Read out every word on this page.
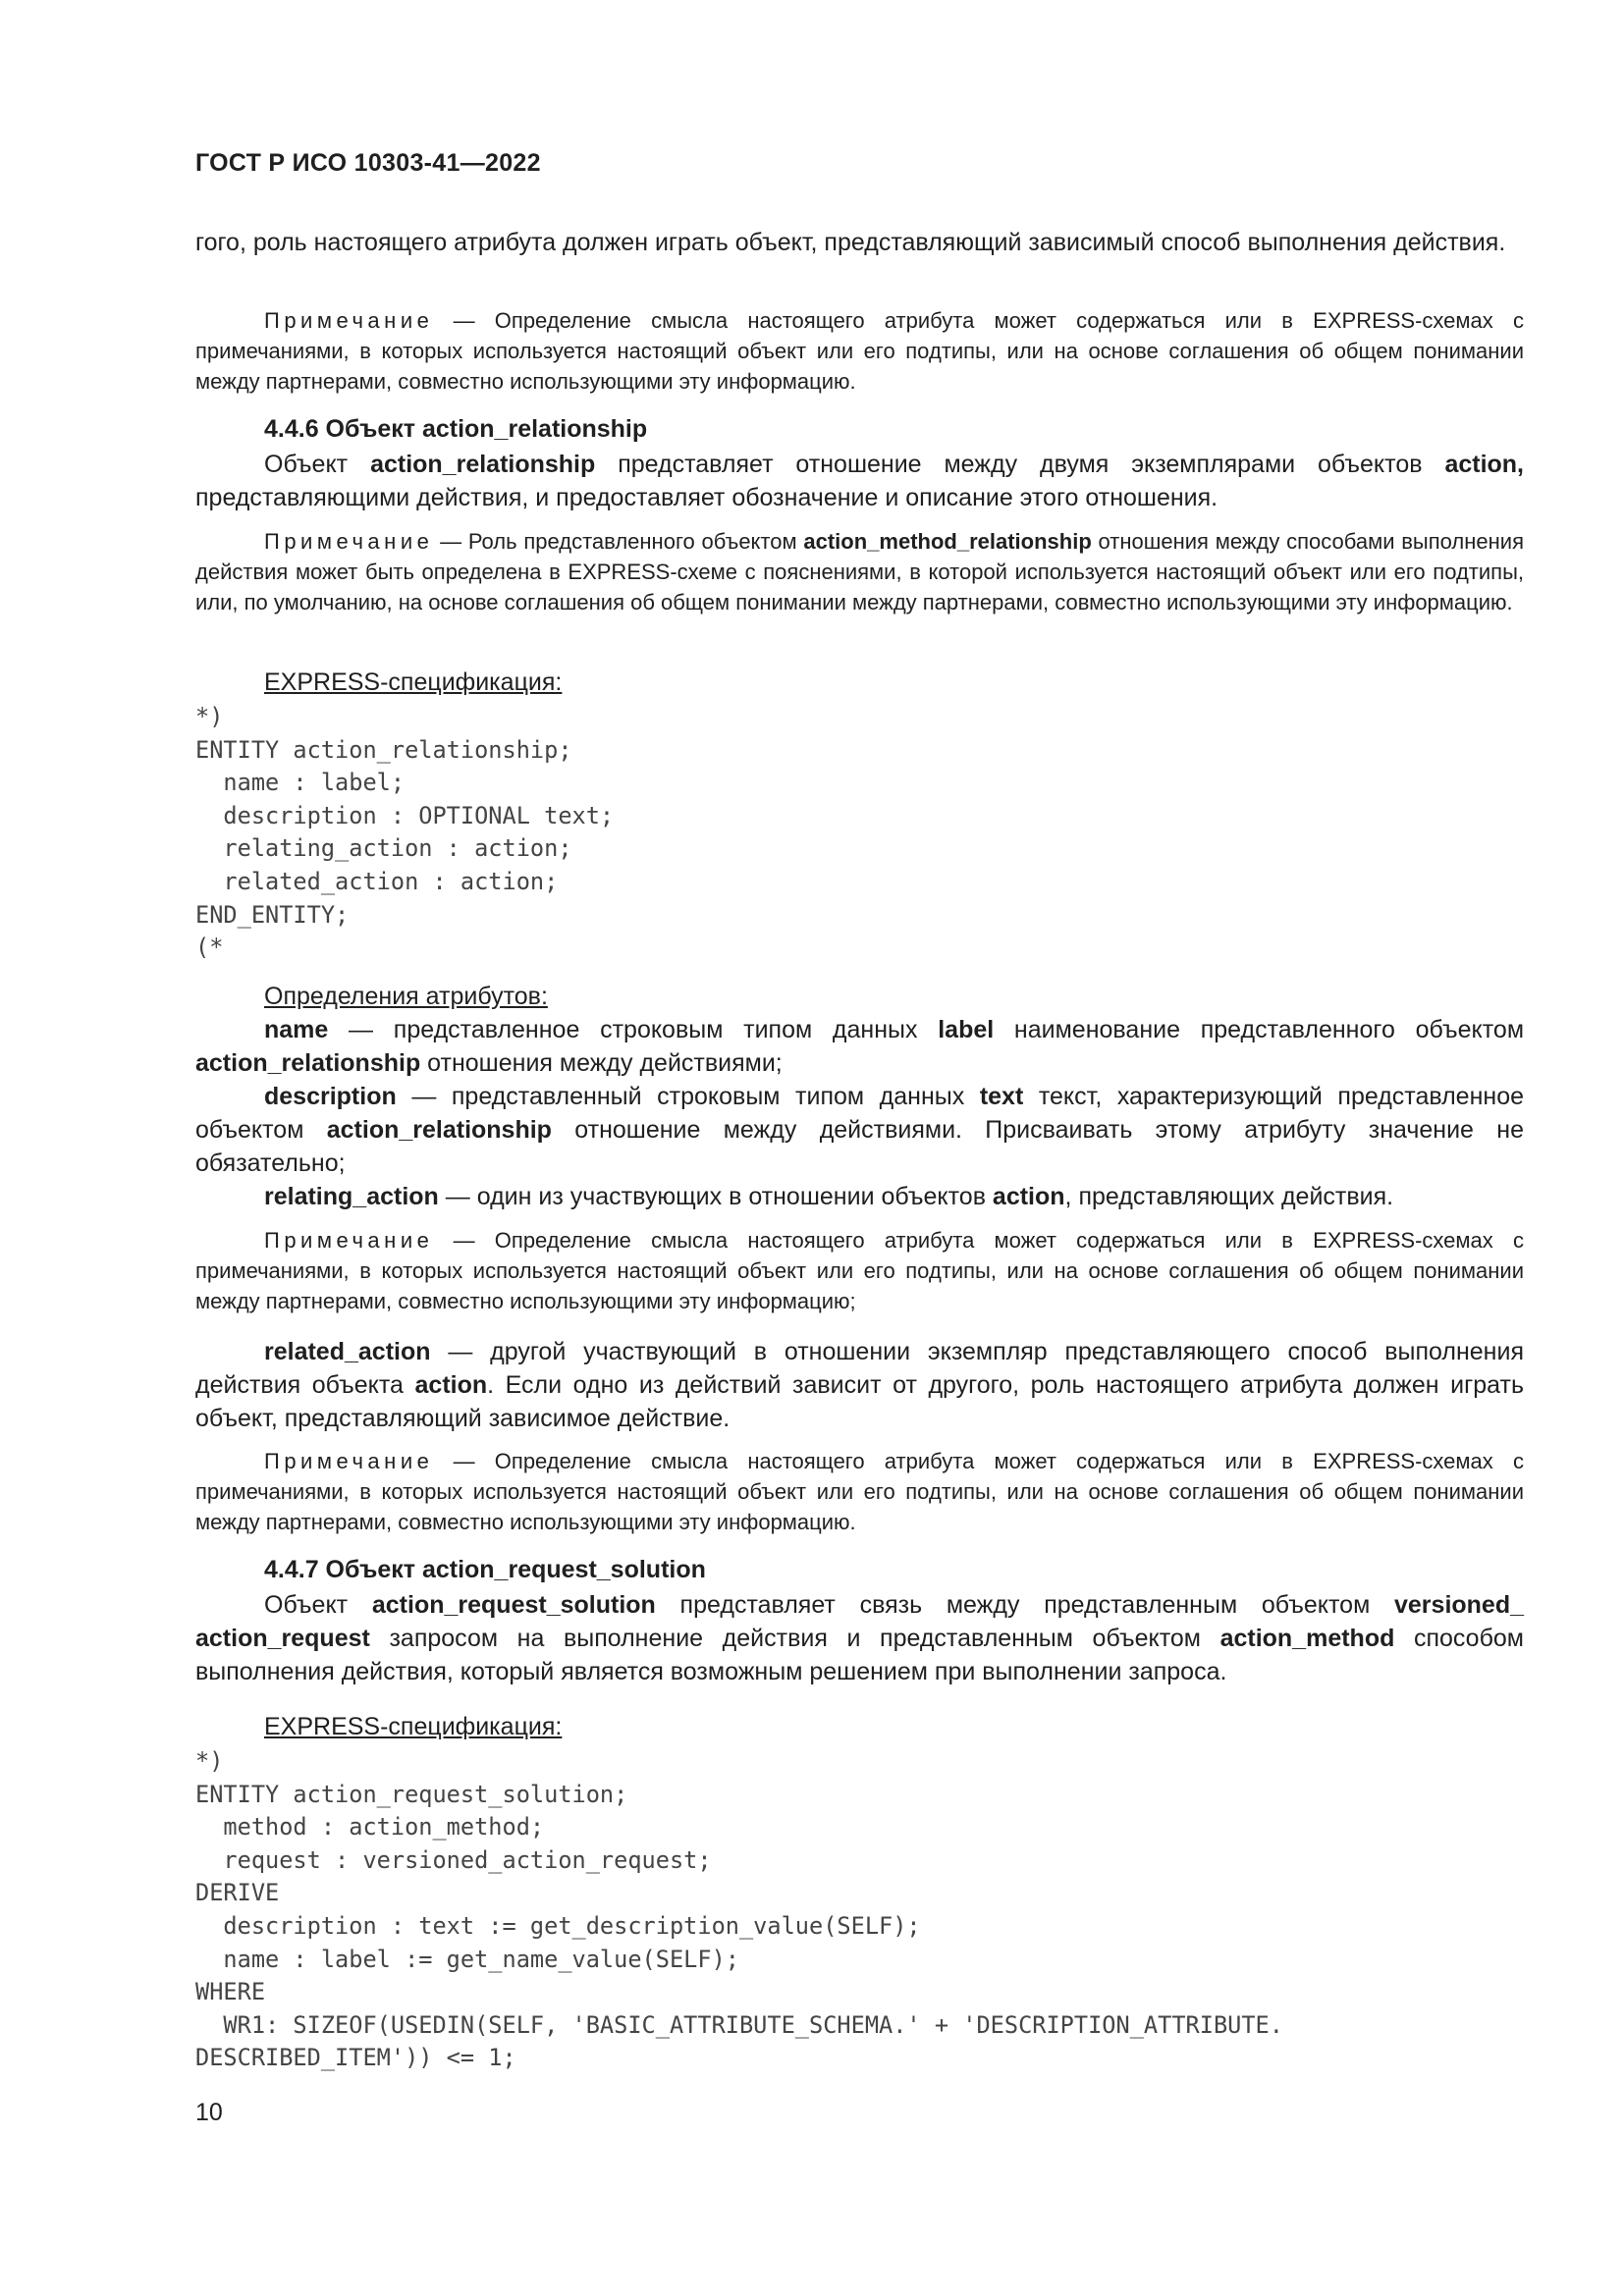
ГОСТ Р ИСО 10303-41—2022
гого, роль настоящего атрибута должен играть объект, представляющий зависимый способ выполнения действия.
Примечание — Определение смысла настоящего атрибута может содержаться или в EXPRESS-схемах с примечаниями, в которых используется настоящий объект или его подтипы, или на основе соглашения об общем понимании между партнерами, совместно использующими эту информацию.
4.4.6 Объект action_relationship
Объект action_relationship представляет отношение между двумя экземплярами объектов action, представляющими действия, и предоставляет обозначение и описание этого отношения.
Примечание — Роль представленного объектом action_method_relationship отношения между способами выполнения действия может быть определена в EXPRESS-схеме с пояснениями, в которой используется настоящий объект или его подтипы, или, по умолчанию, на основе соглашения об общем понимании между партнерами, совместно использующими эту информацию.
EXPRESS-спецификация:
*)
ENTITY action_relationship;
name : label;
description : OPTIONAL text;
relating_action : action;
related_action : action;
END_ENTITY;
(*
Определения атрибутов:
name — представленное строковым типом данных label наименование представленного объектом action_relationship отношения между действиями;
description — представленный строковым типом данных text текст, характеризующий представленное объектом action_relationship отношение между действиями. Присваивать этому атрибуту значение не обязательно;
relating_action — один из участвующих в отношении объектов action, представляющих действия.
Примечание — Определение смысла настоящего атрибута может содержаться или в EXPRESS-схемах с примечаниями, в которых используется настоящий объект или его подтипы, или на основе соглашения об общем понимании между партнерами, совместно использующими эту информацию;
related_action — другой участвующий в отношении экземпляр представляющего способ выполнения действия объекта action. Если одно из действий зависит от другого, роль настоящего атрибута должен играть объект, представляющий зависимое действие.
Примечание — Определение смысла настоящего атрибута может содержаться или в EXPRESS-схемах с примечаниями, в которых используется настоящий объект или его подтипы, или на основе соглашения об общем понимании между партнерами, совместно использующими эту информацию.
4.4.7 Объект action_request_solution
Объект action_request_solution представляет связь между представленным объектом versioned_ action_request запросом на выполнение действия и представленным объектом action_method способом выполнения действия, который является возможным решением при выполнении запроса.
EXPRESS-спецификация:
*)
ENTITY action_request_solution;
method : action_method;
request : versioned_action_request;
DERIVE
description : text := get_description_value(SELF);
name : label := get_name_value(SELF);
WHERE
WR1: SIZEOF(USEDIN(SELF, 'BASIC_ATTRIBUTE_SCHEMA.' + 'DESCRIPTION_ATTRIBUTE.
DESCRIBED_ITEM')) <= 1;
10
